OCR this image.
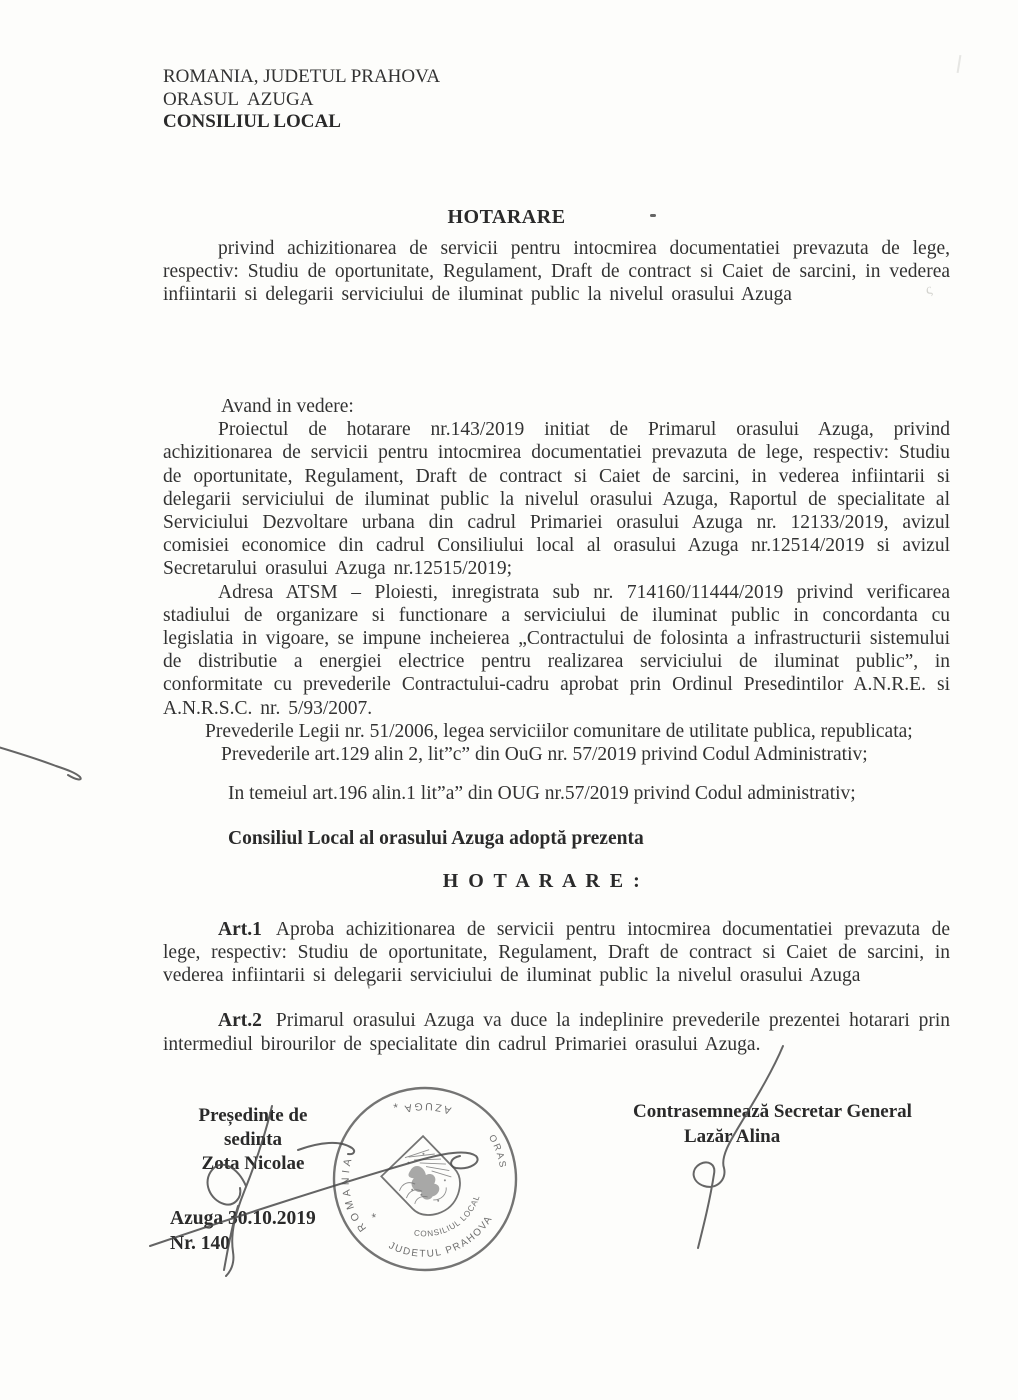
ROMANIA, JUDETUL PRAHOVA

ORASUL AZUGA

CONSILIUL LOCAL

HOTARARE

privind achizitionarea de servicii pentru intocmirea documentatiei prevazuta de lege, respectiv: Studiu de oportunitate, Regulament, Draft de contract si Caiet de sarcini, in vederea infiintarii si delegarii serviciului de iluminat public la nivelul orasului Azuga

Avand in vedere:

Proiectul de hotarare nr.143/2019 initiat de Primarul orasului Azuga, privind achizitionarea de servicii pentru intocmirea documentatiei prevazuta de lege, respectiv: Studiu de oportunitate, Regulament, Draft de contract si Caiet de sarcini, in vederea infiintarii si delegarii serviciului de iluminat public la nivelul orasului Azuga, Raportul de specialitate al Serviciului Dezvoltare urbana din cadrul Primariei orasului Azuga nr. 12133/2019, avizul comisiei economice din cadrul Consiliului local al orasului Azuga nr.12514/2019 si avizul Secretarului orasului Azuga nr.12515/2019;

Adresa ATSM – Ploiesti, inregistrata sub nr. 714160/11444/2019 privind verificarea stadiului de organizare si functionare a serviciului de iluminat public in concordanta cu legislatia in vigoare, se impune incheierea „Contractului de folosinta a infrastructurii sistemului de distributie a energiei electrice pentru realizarea serviciului de iluminat public”, in conformitate cu prevederile Contractului-cadru aprobat prin Ordinul Presedintilor A.N.R.E. si A.N.R.S.C. nr. 5/93/2007.

Prevederile Legii nr. 51/2006, legea serviciilor comunitare de utilitate publica, republicata;

Prevederile art.129 alin 2, lit”c” din OuG nr. 57/2019 privind Codul Administrativ;

In temeiul art.196 alin.1 lit”a” din OUG nr.57/2019 privind Codul administrativ;

Consiliul Local al orasului Azuga adoptă prezenta

H O T A R A R E :

Art.1 Aproba achizitionarea de servicii pentru intocmirea documentatiei prevazuta de lege, respectiv: Studiu de oportunitate, Regulament, Draft de contract si Caiet de sarcini, in vederea infiintarii si delegarii serviciului de iluminat public la nivelul orasului Azuga

Art.2 Primarul orasului Azuga va duce la indeplinire prevederile prezentei hotarari prin intermediul birourilor de specialitate din cadrul Primariei orasului Azuga.

Președinte de sedinta

Zota Nicolae

Contrasemnează Secretar General
Lazăr Alina

Azuga 30.10.2019

Nr. 140

ROMANIA
AZUGA
ORAS
JUDETUL PRAHOVA
CONSILIUL LOCAL
*
*
ς
